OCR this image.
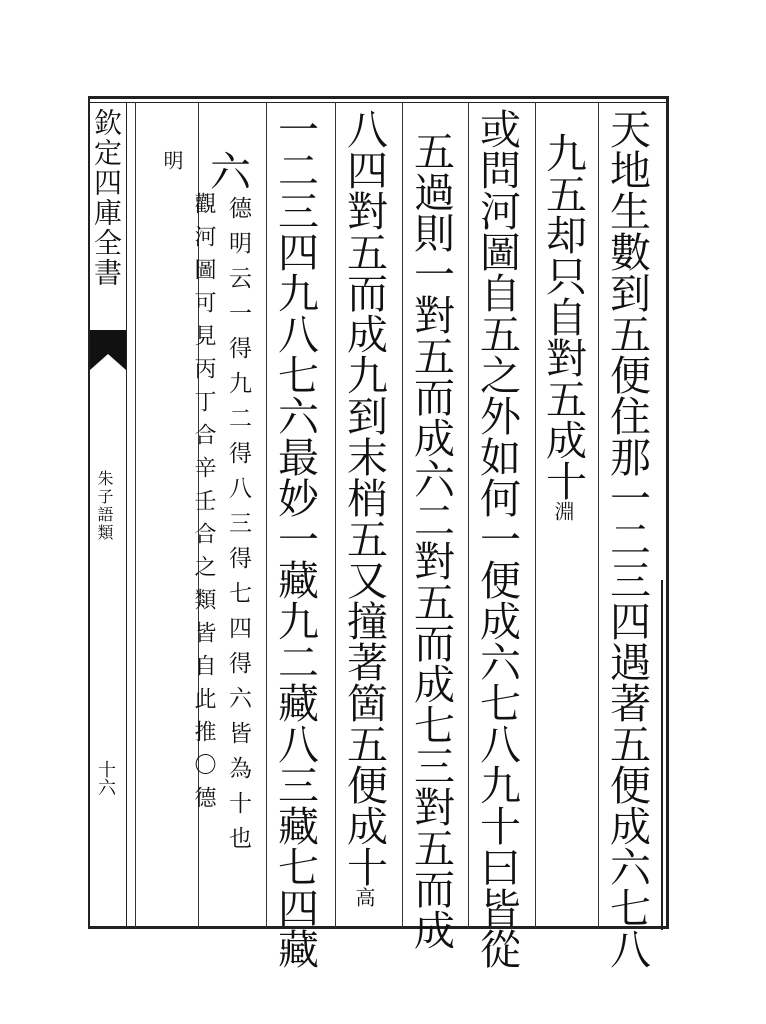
欽定四庫全書
朱子語類
十六	天地生數到五便住那一二三四遇著五便成六七八
九五却只自對五成十淵
或問河圖自五之外如何一便成六七八九十曰皆從
五過則一對五而成六二對五而成七三對五而成
八四對五而成九到末梢五又撞著箇五便成十高
一二三四九八七六最妙一藏九二藏八三藏七四藏
六
德明云一得九二得八三得七四得六皆為十也
觀河圖可見丙丁合辛壬合之類皆自此推〇德
明
